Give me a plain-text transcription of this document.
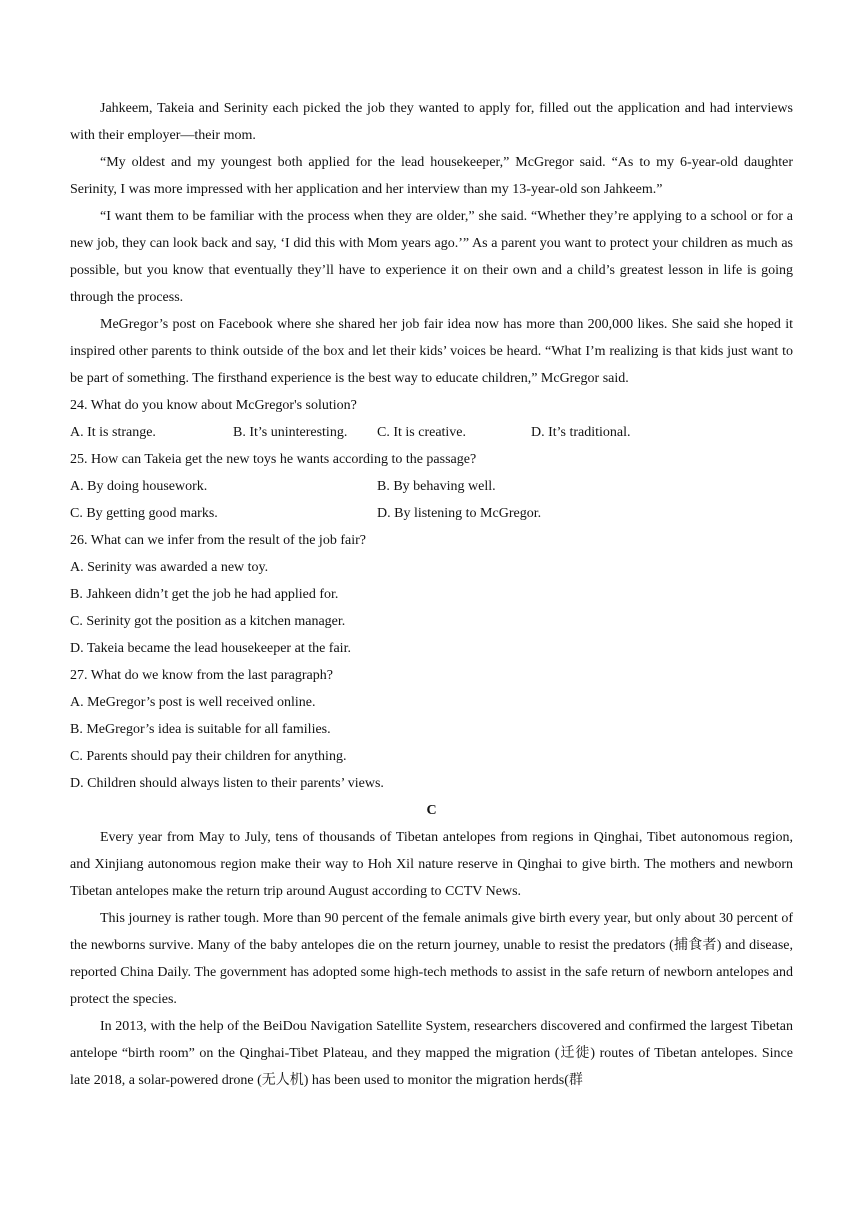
Jahkeem, Takeia and Serinity each picked the job they wanted to apply for, filled out the application and had interviews with their employer—their mom.

“My oldest and my youngest both applied for the lead housekeeper,” McGregor said. “As to my 6-year-old daughter Serinity, I was more impressed with her application and her interview than my 13-year-old son Jahkeem.”

“I want them to be familiar with the process when they are older,” she said. “Whether they’re applying to a school or for a new job, they can look back and say, ‘I did this with Mom years ago.’” As a parent you want to protect your children as much as possible, but you know that eventually they’ll have to experience it on their own and a child’s greatest lesson in life is going through the process.

MeGregor’s post on Facebook where she shared her job fair idea now has more than 200,000 likes. She said she hoped it inspired other parents to think outside of the box and let their kids’ voices be heard. “What I’m realizing is that kids just want to be part of something. The firsthand experience is the best way to educate children,” McGregor said.

24. What do you know about McGregor's solution?

A. It is strange.	B. It’s uninteresting.	C. It is creative.	D. It’s traditional.

25. How can Takeia get the new toys he wants according to the passage?

A. By doing housework.	B. By behaving well.
C. By getting good marks.	D. By listening to McGregor.

26. What can we infer from the result of the job fair?

A. Serinity was awarded a new toy.

B. Jahkeen didn’t get the job he had applied for.

C. Serinity got the position as a kitchen manager.

D. Takeia became the lead housekeeper at the fair.

27. What do we know from the last paragraph?

A. MeGregor’s post is well received online.

B. MeGregor’s idea is suitable for all families.

C. Parents should pay their children for anything.

D. Children should always listen to their parents’ views.

C

Every year from May to July, tens of thousands of Tibetan antelopes from regions in Qinghai, Tibet autonomous region, and Xinjiang autonomous region make their way to Hoh Xil nature reserve in Qinghai to give birth. The mothers and newborn Tibetan antelopes make the return trip around August according to CCTV News.

This journey is rather tough. More than 90 percent of the female animals give birth every year, but only about 30 percent of the newborns survive. Many of the baby antelopes die on the return journey, unable to resist the predators (捕食者) and disease, reported China Daily. The government has adopted some high-tech methods to assist in the safe return of newborn antelopes and protect the species.

In 2013, with the help of the BeiDou Navigation Satellite System, researchers discovered and confirmed the largest Tibetan antelope “birth room” on the Qinghai-Tibet Plateau, and they mapped the migration (迁徙) routes of Tibetan antelopes. Since late 2018, a solar-powered drone (无人机) has been used to monitor the migration herds(群
